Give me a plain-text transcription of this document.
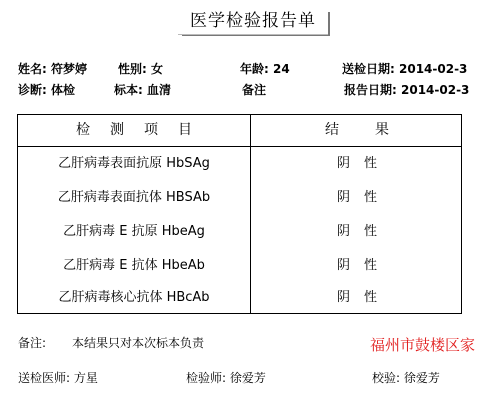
医学检验报告单
姓名: 符梦婷	性别: 女	年龄: 24	送检日期: 2014-02-3
诊断: 体检	标本: 血清	备注	报告日期: 2014-02-3
检测项目	结果
乙肝病毒表面抗原 HbSAg	阴性
乙肝病毒表面抗体 HBSAb	阴性
乙肝病毒 E 抗原 HbeAg	阴性
乙肝病毒 E 抗体 HbeAb	阴性
乙肝病毒核心抗体 HBcAb	阴性
备注: 本结果只对本次标本负责	福州市鼓楼区家
送检医师: 方星	检验师: 徐爱芳	校验: 徐爱芳
